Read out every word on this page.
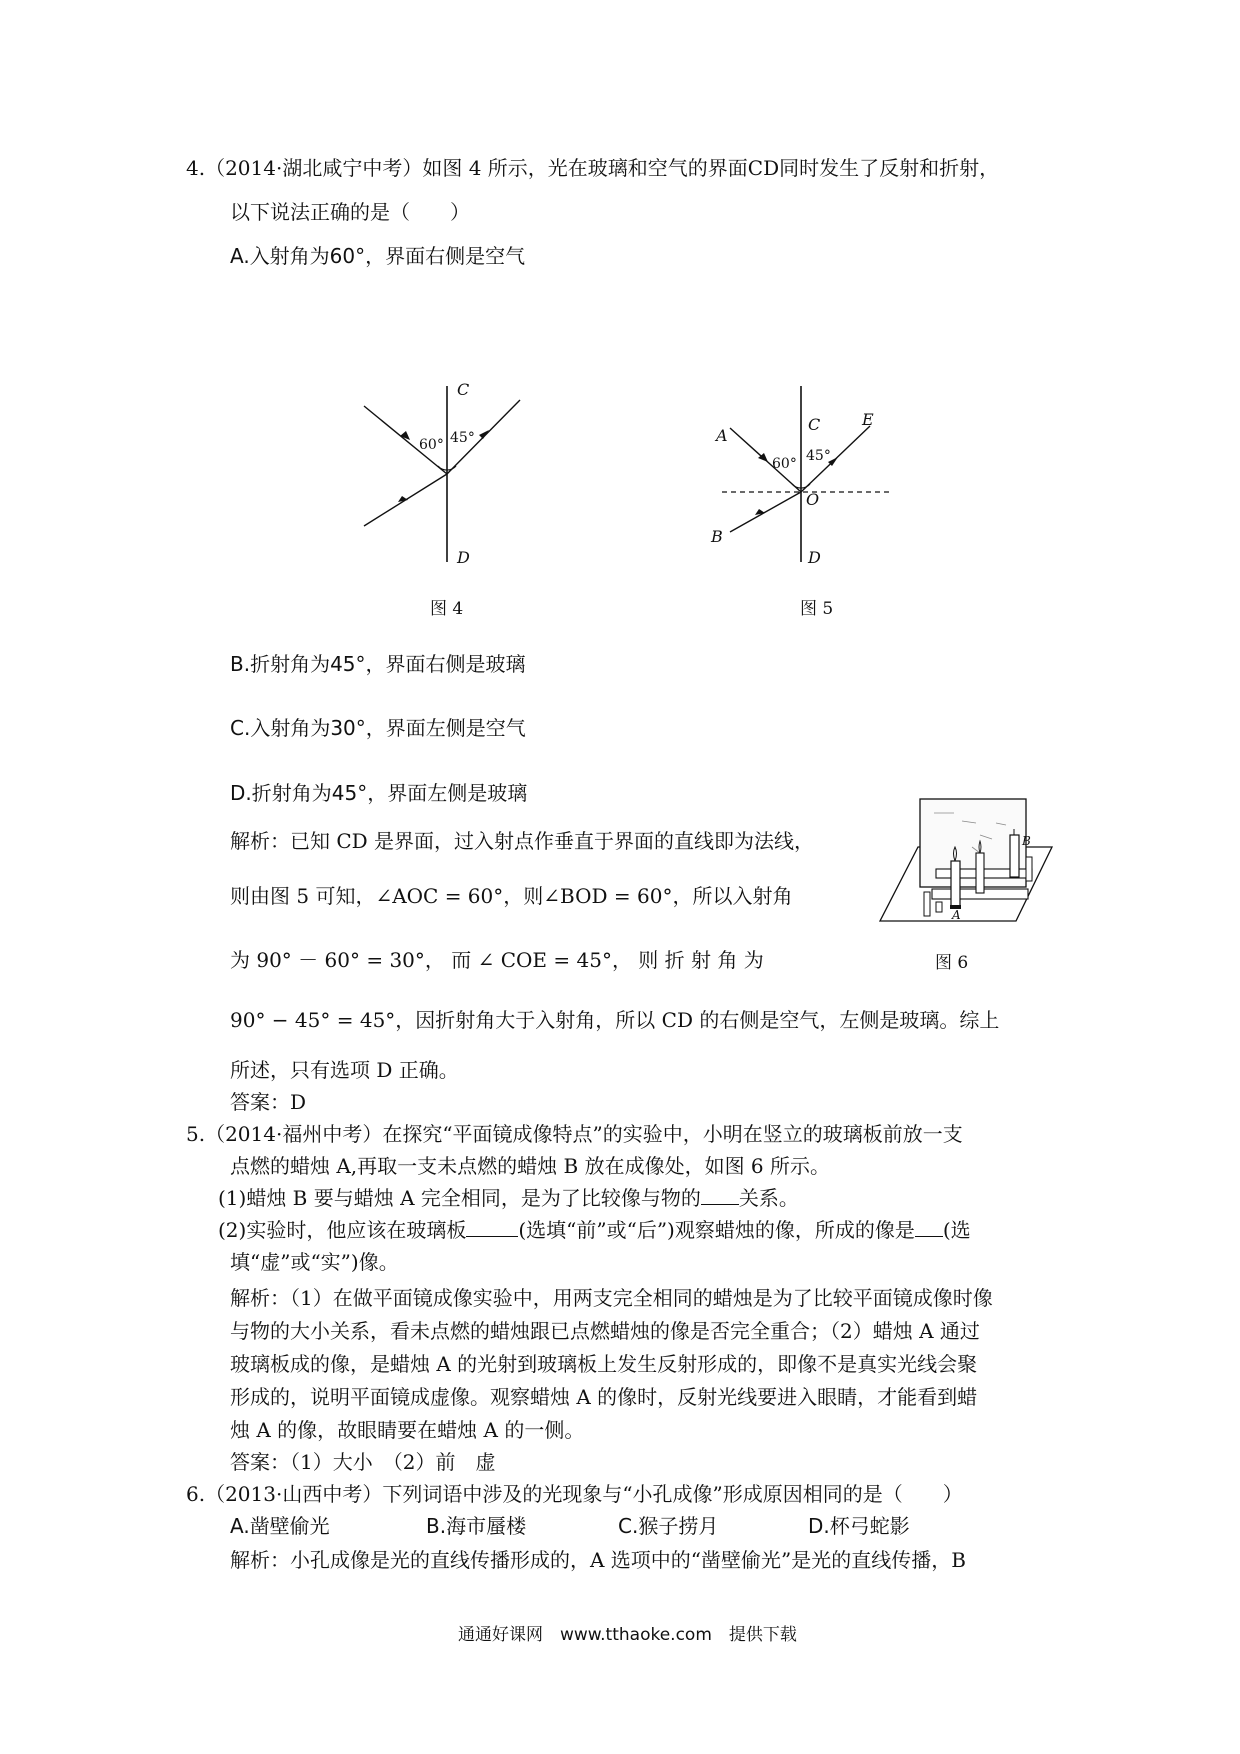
4.（2014·湖北咸宁中考）如图 4 所示，光在玻璃和空气的界面CD同时发生了反射和折射，
以下说法正确的是（　　）
A.入射角为60°，界面右侧是空气
C
D
60° 45°
图 4
A
B
C
D
E
O
60° 45°
图 5
B.折射角为45°，界面右侧是玻璃
C.入射角为30°，界面左侧是空气
D.折射角为45°，界面左侧是玻璃
A
B
图 6
解析：已知 CD 是界面，过入射点作垂直于界面的直线即为法线，
则由图 5 可知，∠AOC = 60°，则∠BOD = 60°，所以入射角
为 90° － 60° = 30°， 而 ∠ COE = 45°， 则 折 射 角 为
90° − 45° = 45°，因折射角大于入射角，所以 CD 的右侧是空气，左侧是玻璃。综上
所述，只有选项 D 正确。
答案：D
5.（2014·福州中考）在探究“平面镜成像特点”的实验中，小明在竖立的玻璃板前放一支
点燃的蜡烛 A,再取一支未点燃的蜡烛 B 放在成像处，如图 6 所示。
(1)蜡烛 B 要与蜡烛 A 完全相同，是为了比较像与物的 关系。
(2)实验时，他应该在玻璃板	(选填“前”或“后”)观察蜡烛的像，所成的像是 (选
填“虚”或“实”)像。
解析：（1）在做平面镜成像实验中，用两支完全相同的蜡烛是为了比较平面镜成像时像
与物的大小关系，看未点燃的蜡烛跟已点燃蜡烛的像是否完全重合；（2）蜡烛 A 通过
玻璃板成的像，是蜡烛 A 的光射到玻璃板上发生反射形成的，即像不是真实光线会聚
形成的，说明平面镜成虚像。观察蜡烛 A 的像时，反射光线要进入眼睛，才能看到蜡
烛 A 的像，故眼睛要在蜡烛 A 的一侧。
答案：（1）大小　（2）前　虚
6.（2013·山西中考）下列词语中涉及的光现象与“小孔成像”形成原因相同的是（　　）
A.凿壁偷光	B.海市蜃楼	C.猴子捞月	D.杯弓蛇影
解析：小孔成像是光的直线传播形成的，A 选项中的“凿壁偷光”是光的直线传播，B
通通好课网　www.tthaoke.com　提供下载
